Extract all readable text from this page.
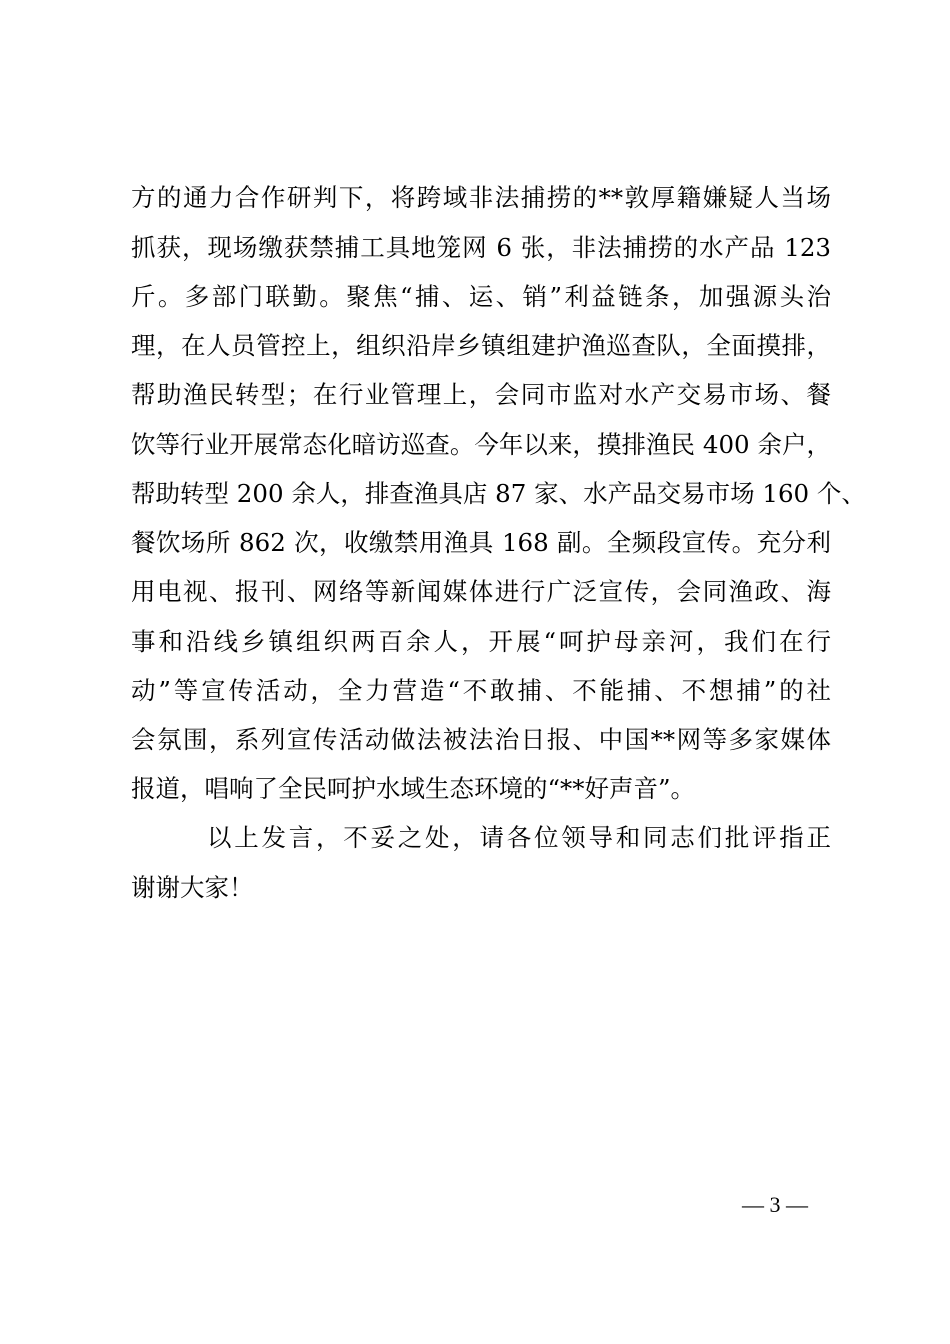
方的通力合作研判下，将跨域非法捕捞的**敦厚籍嫌疑人当场
抓获，现场缴获禁捕工具地笼网 6 张，非法捕捞的水产品 123
斤。多部门联勤。聚焦“捕、运、销”利益链条，加强源头治
理，在人员管控上，组织沿岸乡镇组建护渔巡查队，全面摸排，
帮助渔民转型；在行业管理上，会同市监对水产交易市场、餐
饮等行业开展常态化暗访巡查。今年以来，摸排渔民 400 余户，
帮助转型 200 余人，排查渔具店 87 家、水产品交易市场 160 个、
餐饮场所 862 次，收缴禁用渔具 168 副。全频段宣传。充分利
用电视、报刊、网络等新闻媒体进行广泛宣传，会同渔政、海
事和沿线乡镇组织两百余人，开展“呵护母亲河，我们在行
动”等宣传活动，全力营造“不敢捕、不能捕、不想捕”的社
会氛围，系列宣传活动做法被法治日报、中国**网等多家媒体
报道，唱响了全民呵护水域生态环境的“**好声音”。
以上发言，不妥之处，请各位领导和同志们批评指正
谢谢大家！
— 3 —
